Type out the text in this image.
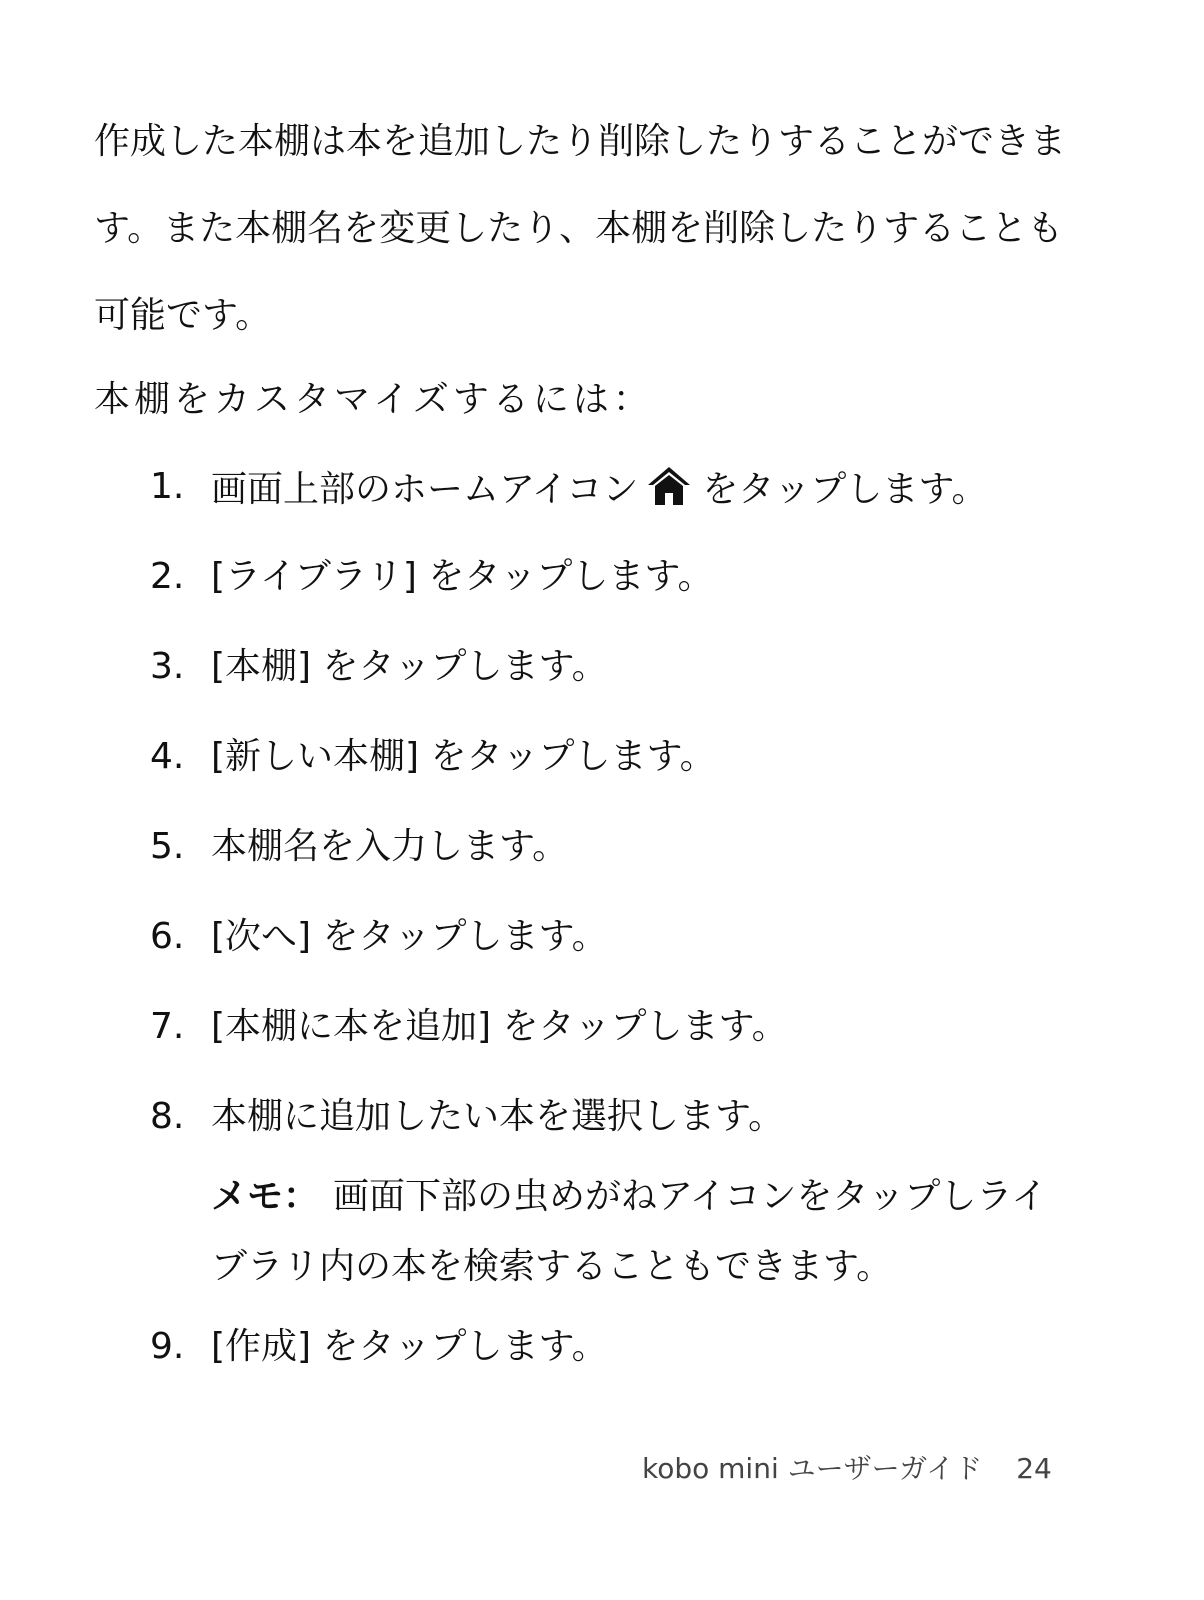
作成した本棚は本を追加したり削除したりすることができま
す。また本棚名を変更したり、本棚を削除したりすることも
可能です。

本棚をカスタマイズするには：

1. 画面上部のホームアイコン をタップします。
2. [ライブラリ] をタップします。
3. [本棚] をタップします。
4. [新しい本棚] をタップします。
5. 本棚名を入力します。
6. [次へ] をタップします。
7. [本棚に本を追加] をタップします。
8. 本棚に追加したい本を選択します。
9. [作成] をタップします。

メモ： 画面下部の虫めがねアイコンをタップしライ
ブラリ内の本を検索することもできます。

kobo mini ユーザーガイド 24
